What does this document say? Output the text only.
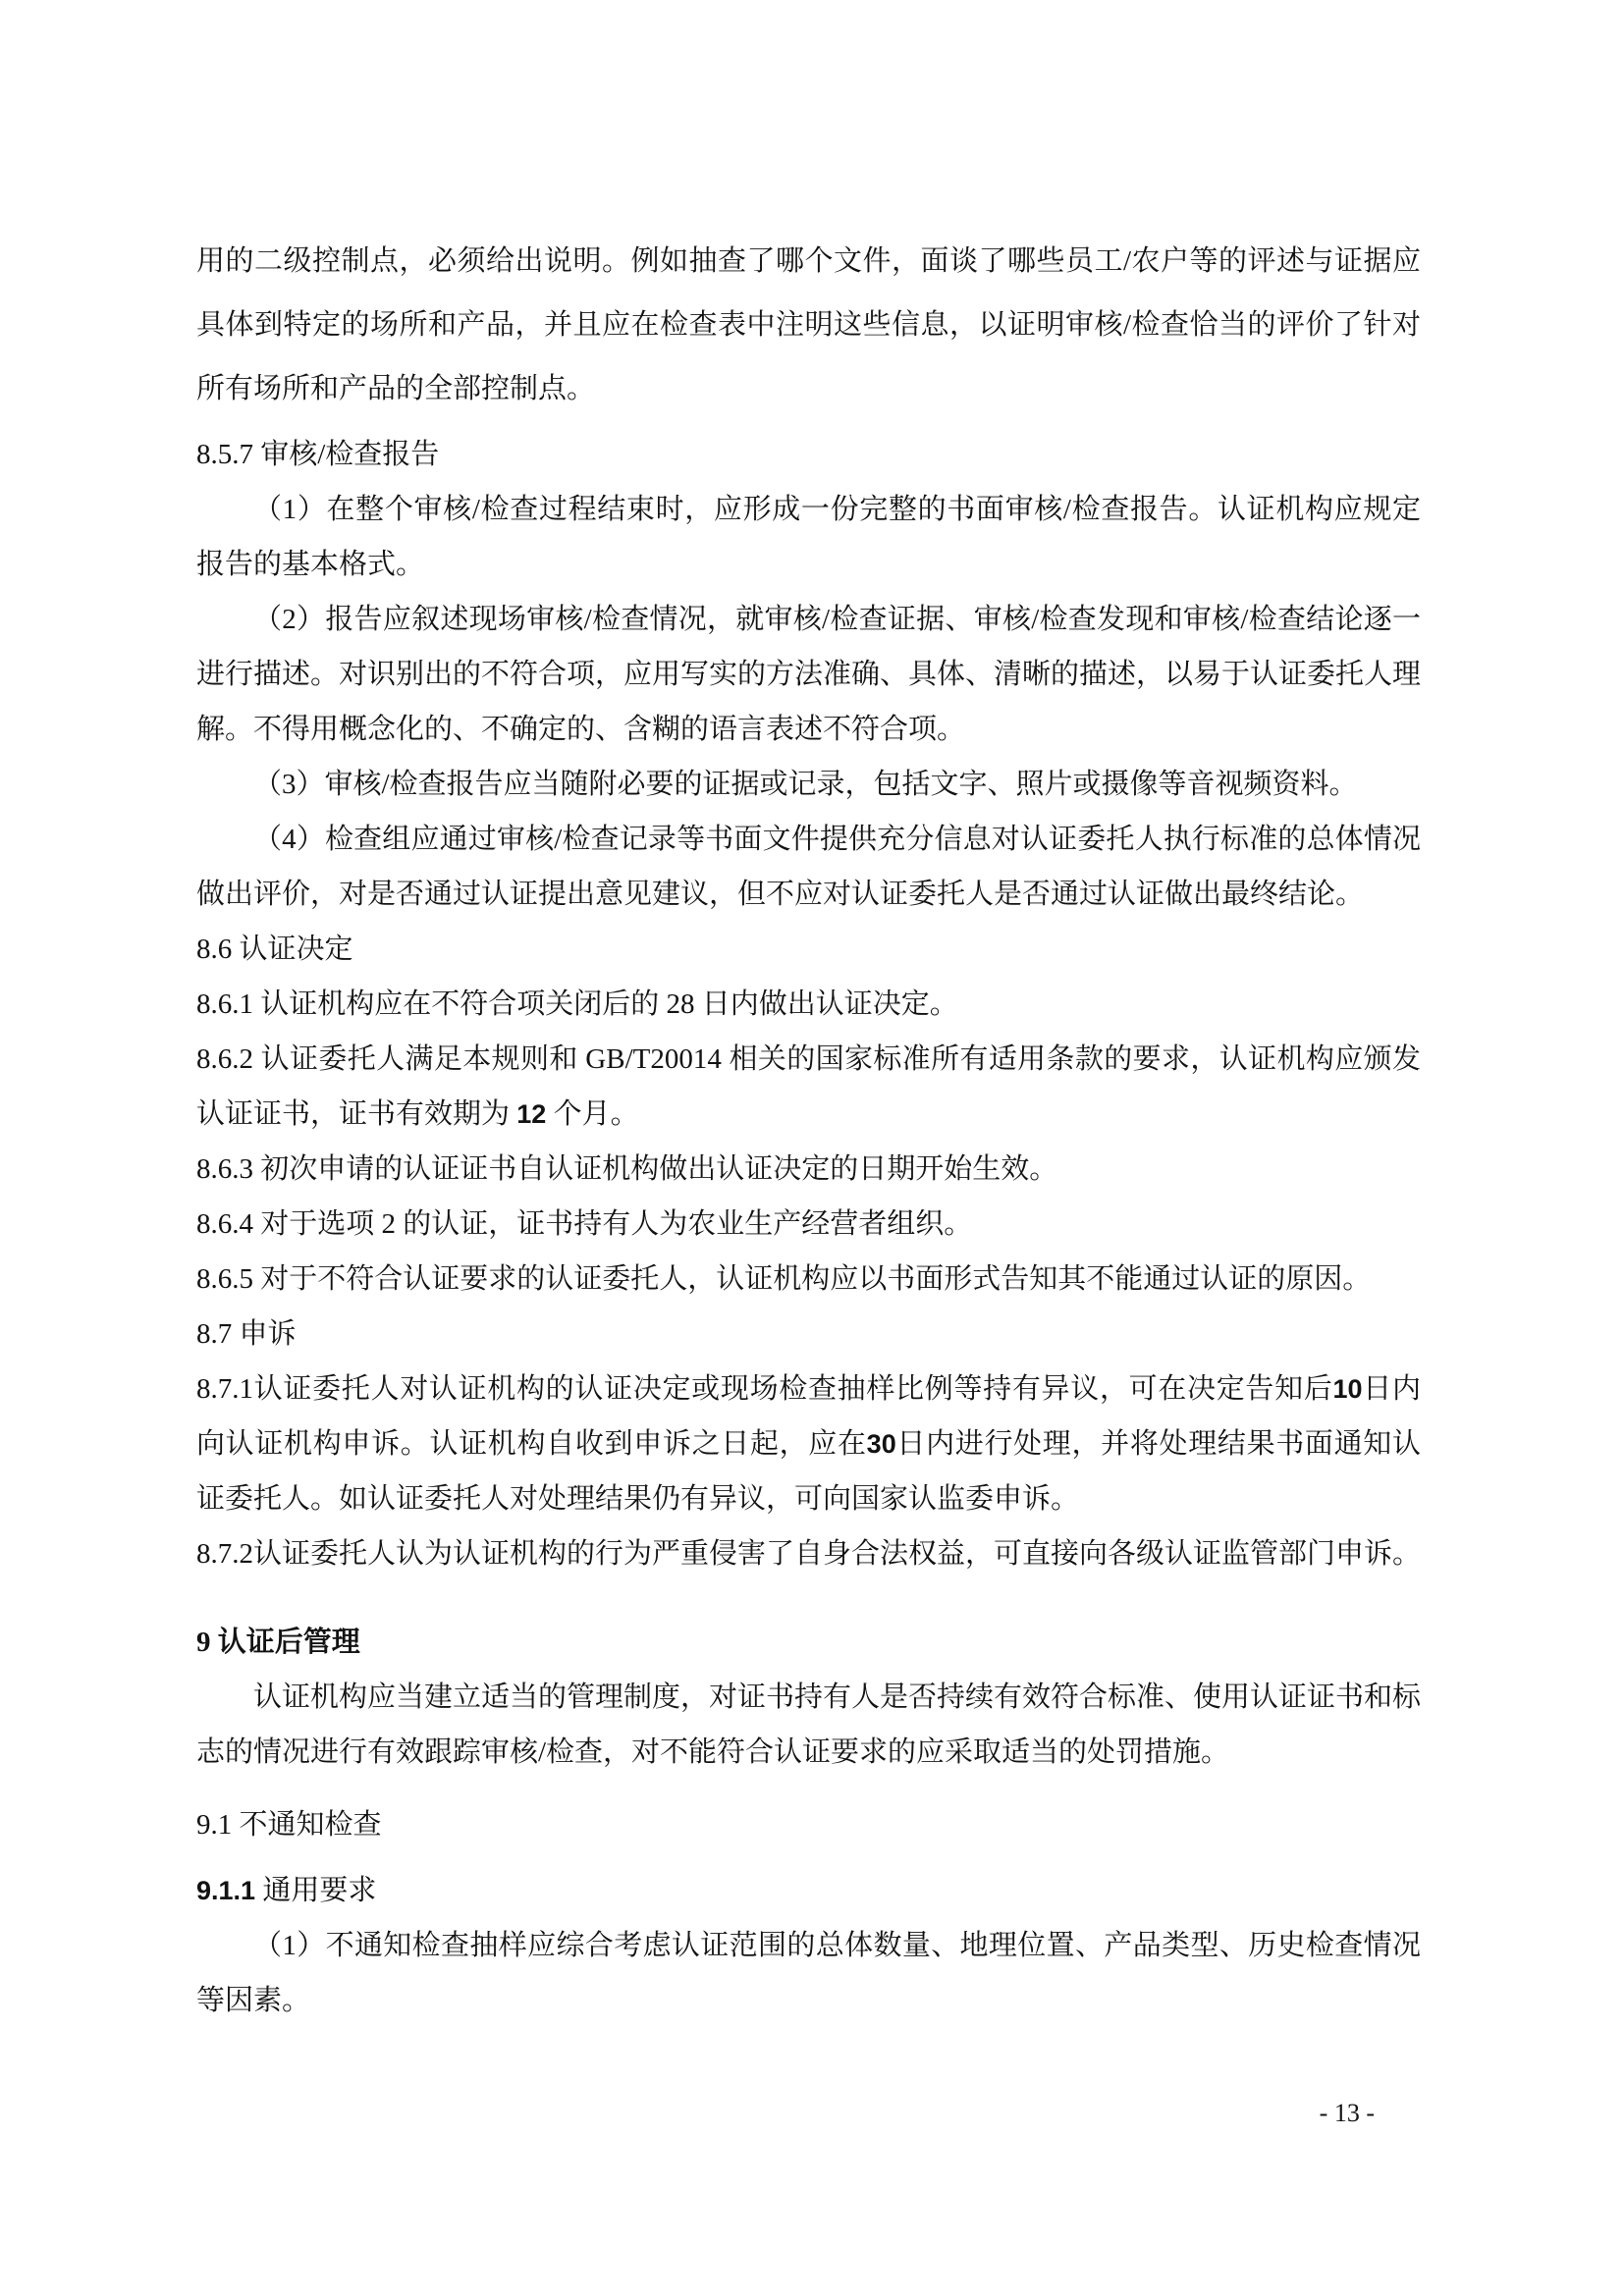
用的二级控制点，必须给出说明。例如抽查了哪个文件，面谈了哪些员工/农户等的评述与证据应具体到特定的场所和产品，并且应在检查表中注明这些信息，以证明审核/检查恰当的评价了针对所有场所和产品的全部控制点。

8.5.7 审核/检查报告

（1）在整个审核/检查过程结束时，应形成一份完整的书面审核/检查报告。认证机构应规定报告的基本格式。

（2）报告应叙述现场审核/检查情况，就审核/检查证据、审核/检查发现和审核/检查结论逐一进行描述。对识别出的不符合项，应用写实的方法准确、具体、清晰的描述，以易于认证委托人理解。不得用概念化的、不确定的、含糊的语言表述不符合项。

（3）审核/检查报告应当随附必要的证据或记录，包括文字、照片或摄像等音视频资料。

（4）检查组应通过审核/检查记录等书面文件提供充分信息对认证委托人执行标准的总体情况做出评价，对是否通过认证提出意见建议，但不应对认证委托人是否通过认证做出最终结论。

8.6 认证决定

8.6.1 认证机构应在不符合项关闭后的 28 日内做出认证决定。

8.6.2 认证委托人满足本规则和 GB/T20014 相关的国家标准所有适用条款的要求，认证机构应颁发认证证书，证书有效期为 12 个月。

8.6.3 初次申请的认证证书自认证机构做出认证决定的日期开始生效。

8.6.4 对于选项 2 的认证，证书持有人为农业生产经营者组织。

8.6.5 对于不符合认证要求的认证委托人，认证机构应以书面形式告知其不能通过认证的原因。

8.7 申诉

8.7.1认证委托人对认证机构的认证决定或现场检查抽样比例等持有异议，可在决定告知后10日内向认证机构申诉。认证机构自收到申诉之日起，应在30日内进行处理，并将处理结果书面通知认证委托人。如认证委托人对处理结果仍有异议，可向国家认监委申诉。

8.7.2认证委托人认为认证机构的行为严重侵害了自身合法权益，可直接向各级认证监管部门申诉。

9 认证后管理

认证机构应当建立适当的管理制度，对证书持有人是否持续有效符合标准、使用认证证书和标志的情况进行有效跟踪审核/检查，对不能符合认证要求的应采取适当的处罚措施。

9.1 不通知检查

9.1.1 通用要求

（1）不通知检查抽样应综合考虑认证范围的总体数量、地理位置、产品类型、历史检查情况等因素。

- 13 -
